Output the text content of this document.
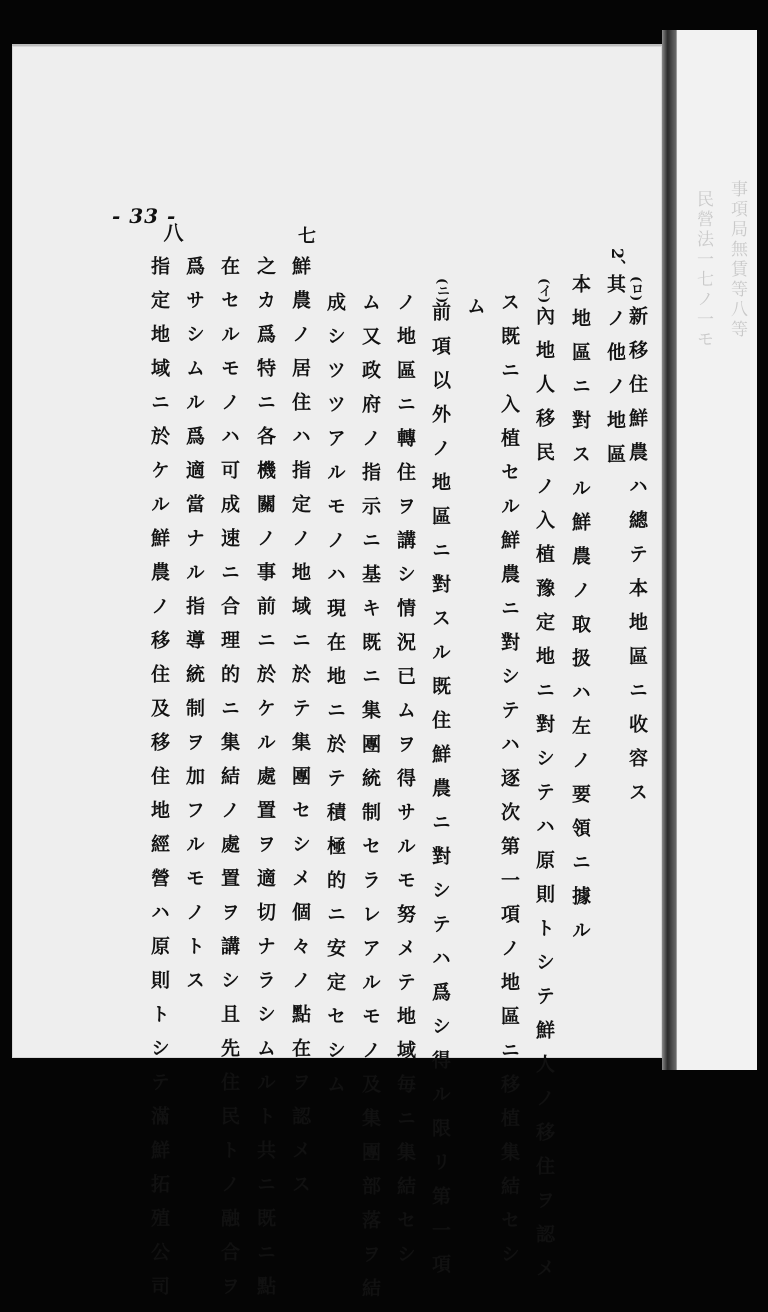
- 33 -
八
(ロ)
2、
(イ)
(ニ)
七
新移住鮮農ハ總テ本地區ニ收容ス
其ノ他ノ地區
本地區ニ對スル鮮農ノ取扱ハ左ノ要領ニ據ル
內地人移民ノ入植豫定地ニ對シテハ原則トシテ鮮人ノ移住ヲ認メ
ス既ニ入植セル鮮農ニ對シテハ逐次第一項ノ地區ニ移植集結セシ
ム
前項以外ノ地區ニ對スル既住鮮農ニ對シテハ爲シ得ル限リ第一項
ノ地區ニ轉住ヲ講シ情況已ムヲ得サルモ努メテ地域毎ニ集結セシ
ム又政府ノ指示ニ基キ既ニ集團統制セラレアルモノ及集團部落ヲ結
成シツツアルモノハ現在地ニ於テ積極的ニ安定セシム
鮮農ノ居住ハ指定ノ地域ニ於テ集團セシメ個々ノ點在ヲ認メス
之カ爲特ニ各機關ノ事前ニ於ケル處置ヲ適切ナラシムルト共ニ既ニ點
在セルモノハ可成速ニ合理的ニ集結ノ處置ヲ講シ且先住民トノ融合ヲ
爲サシムル爲適當ナル指導統制ヲ加フルモノトス
指定地域ニ於ケル鮮農ノ移住及移住地經營ハ原則トシテ滿鮮拓殖公司	事項局無賃等八等
民營法一七ノ一モ
